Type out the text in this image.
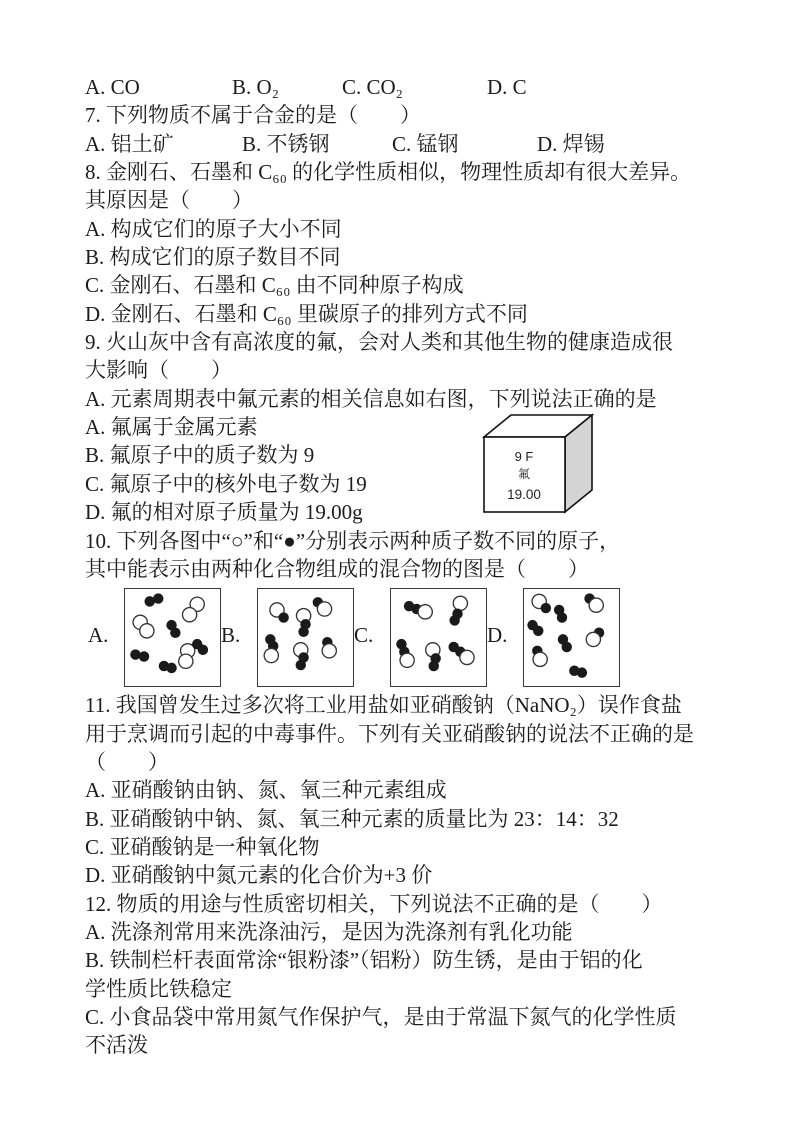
A. CO	B. O₂	C. CO₂	D. C
7. 下列物质不属于合金的是（　　）
A. 铝土矿	B. 不锈钢	C. 锰钢	D. 焊锡
8. 金刚石、石墨和 C₆₀ 的化学性质相似，物理性质却有很大差异。
其原因是（　　）
A. 构成它们的原子大小不同
B. 构成它们的原子数目不同
C. 金刚石、石墨和 C₆₀ 由不同种原子构成
D. 金刚石、石墨和 C₆₀ 里碳原子的排列方式不同
9. 火山灰中含有高浓度的氟，会对人类和其他生物的健康造成很
大影响（　　）
A. 元素周期表中氟元素的相关信息如右图，下列说法正确的是
A. 氟属于金属元素
B. 氟原子中的质子数为 9
C. 氟原子中的核外电子数为 19
D. 氟的相对原子质量为 19.00g
10. 下列各图中“○”和“●”分别表示两种质子数不同的原子，
其中能表示由两种化合物组成的混合物的图是（　　）
A.	B.	C.	D.
11. 我国曾发生过多次将工业用盐如亚硝酸钠（NaNO₂）误作食盐
用于烹调而引起的中毒事件。下列有关亚硝酸钠的说法不正确的是
（　　）
A. 亚硝酸钠由钠、氮、氧三种元素组成
B. 亚硝酸钠中钠、氮、氧三种元素的质量比为 23：14：32
C. 亚硝酸钠是一种氧化物
D. 亚硝酸钠中氮元素的化合价为+3 价
12. 物质的用途与性质密切相关，下列说法不正确的是（　　）
A. 洗涤剂常用来洗涤油污，是因为洗涤剂有乳化功能
B. 铁制栏杆表面常涂“银粉漆”（铝粉）防生锈，是由于铝的化
学性质比铁稳定
C. 小食品袋中常用氮气作保护气，是由于常温下氮气的化学性质
不活泼
9 F
氟
19.00
